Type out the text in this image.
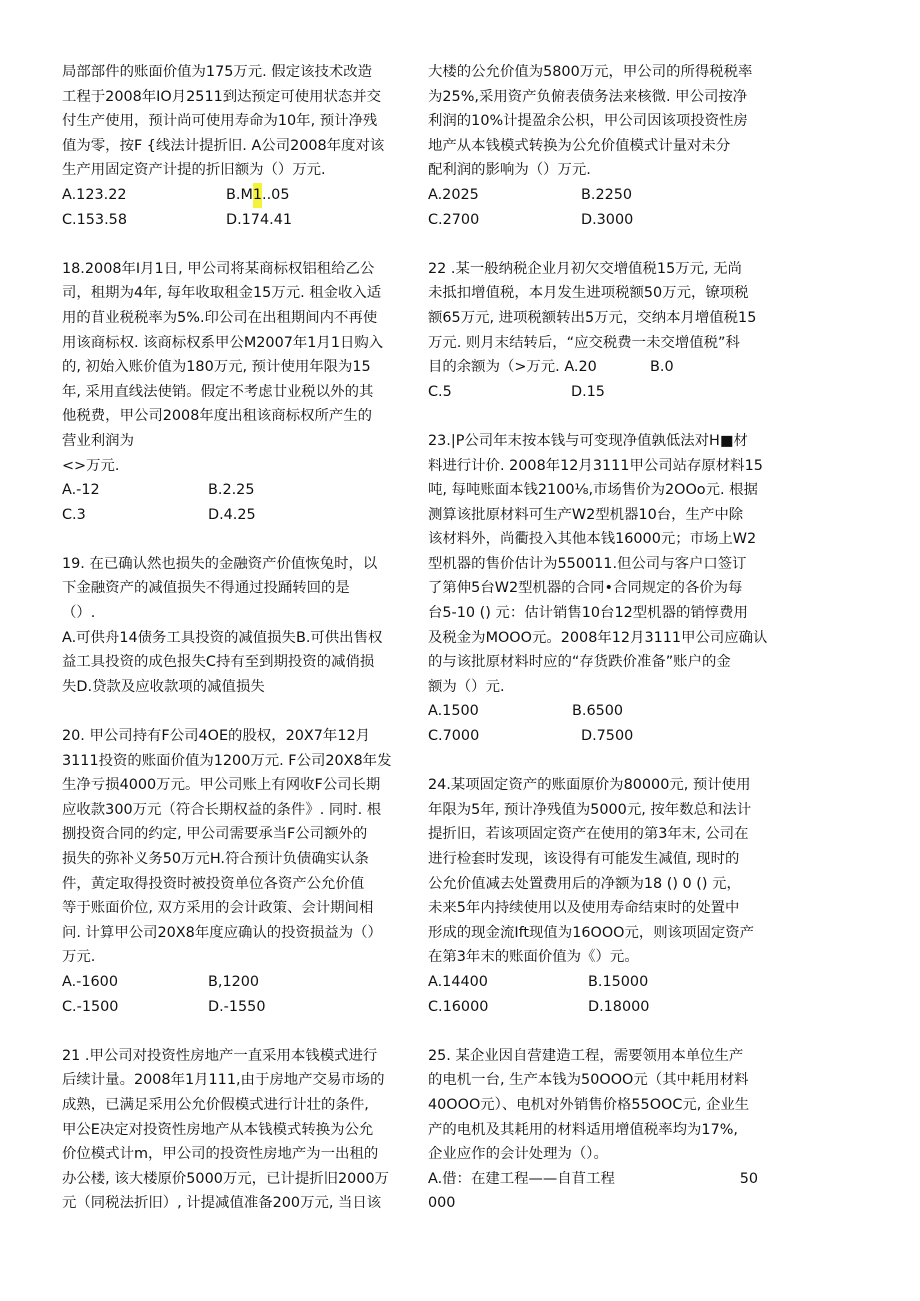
局部部件的账面价值为175万元. 假定该技术改造

工程于2008年IO月2511到达预定可使用状态并交

付生产使用，预计尚可使用寿命为10年, 预计净残

值为零，按F {线法计提折旧. A公司2008年度对该

生产用固定资产计提的折旧额为（）万元.

A.123.22	B.M1..05
C.153.58	D.174.41

18.2008年I月1日, 甲公司将某商标权铝租给乙公

司，租期为4年, 每年收取租金15万元. 租金收入适

用的苜业税税率为5%.印公司在出租期间内不再使

用该商标权. 该商标权系甲公M2007年1月1日购入

的, 初始入账价值为180万元, 预计使用年限为15

年, 采用直线法使销。假定不考虑廿业税以外的其

他税费，甲公司2008年度出租该商标权所产生的

营业利润为

<>万元.

A.-12	B.2.25
C.3	D.4.25

19. 在已确认然也损失的金融资产价值恢兔时，以

下金融资产的减值损失不得通过投踊转回的是

（）.

A.可供舟14债务工具投资的减值损失B.可供出售权

益工具投资的成色报失C持有至到期投资的减俏损

失D.贷款及应收款项的减值损失

20. 甲公司持有F公司4OE的股权，20X7年12月

3111投资的账面价值为1200万元. F公司20X8年发

生净亏损4000万元。甲公司账上有网收F公司长期

应收款300万元（符合长期权益的条件》. 同时. 根

捌投资合同的约定, 甲公司需要承当F公司额外的

损失的弥补义务50万元H.符合预计负债确实认条

件，黄定取得投资时被投资单位各资产公允价值

等于账面价位, 双方采用的会计政策、会计期间相

问. 计算甲公司20X8年度应确认的投资损益为（）

万元.

A.-1600	B,1200
C.-1500	D.-1550

21 .甲公司对投资性房地产一直采用本钱模式进行

后续计量。2008年1月111,由于房地产交易市场的

成熟，已满足采用公允价假模式进行计壮的条件,

甲公E决定对投资性房地产从本钱模式转换为公允

价位模式计m，甲公司的投资性房地产为一出租的

办公楼, 该大楼原价5000万元，已计提折旧2000万

元（同税法折旧）, 计提减值准备200万元, 当日该

大楼的公允价值为5800万元，甲公司的所得税税率

为25%,采用资产负俯表债务法来核微. 甲公司按净

利润的10%计提盈余公枳，甲公司因该项投资性房

地产从本钱模式转换为公允价值模式计量对未分

配利润的影响为（）万元.

A.2025	B.2250
C.2700	D.3000

22 .某一般纳税企业月初欠交增值税15万元, 无尚

未抵扣增值税，本月发生进项税额50万元，镣项税

额65万元, 进项税额转出5万元，交纳本月增值税15

万元. 则月末结转后，“应交税费一未交增值税”科

目的余额为（>万元. A.20	B.0
C.5	D.15

23.|P公司年末按本钱与可变现净值孰低法对H■材

料进行计价. 2008年12月3111甲公司站存原材料15

吨, 每吨账面本钱2100⅛,市场售价为2OOo元. 根据

测算该批原材料可生产W2型机器10台，生产中除

该材料外，尚衢投入其他本钱16000元；市场上W2

型机器的售价估计为550011.但公司与客户口签订

了第伸5台W2型机器的合同•合同规定的各价为每

台5-10 () 元：估计销售10台12型机器的销惇费用

及税金为MOOO元。2008年12月3111甲公司应确认

的与该批原材料时应的“存货跌价准备”账户的金

额为（）元.

A.1500	B.6500
C.7000	D.7500

24.某项固定资产的账面原价为80000元, 预计使用

年限为5年, 预计净残值为5000元, 按年数总和法计

提折旧，若该项固定资产在使用的第3年末, 公司在

进行检套时发现，该设得有可能发生减值, 现时的

公允价值减去处置费用后的净额为18 () 0 () 元，

未来5年内持续使用以及使用寿命结束时的处置中

形成的现金流Ift现值为16OOO元，则该项固定资产

在第3年末的账面价值为《）元。

A.14400	B.15000
C.16000	D.18000

25. 某企业因自营建造工程，需要领用本单位生产

的电机一台, 生产本钱为50OOO元（其中耗用材料

40OOO元）、电机对外销售价格55OOC元, 企业生

产的电机及其耗用的材料适用增值税率均为17%,

企业应作的会计处理为（）。

A.借：在建工程——自苜工程	50

000
